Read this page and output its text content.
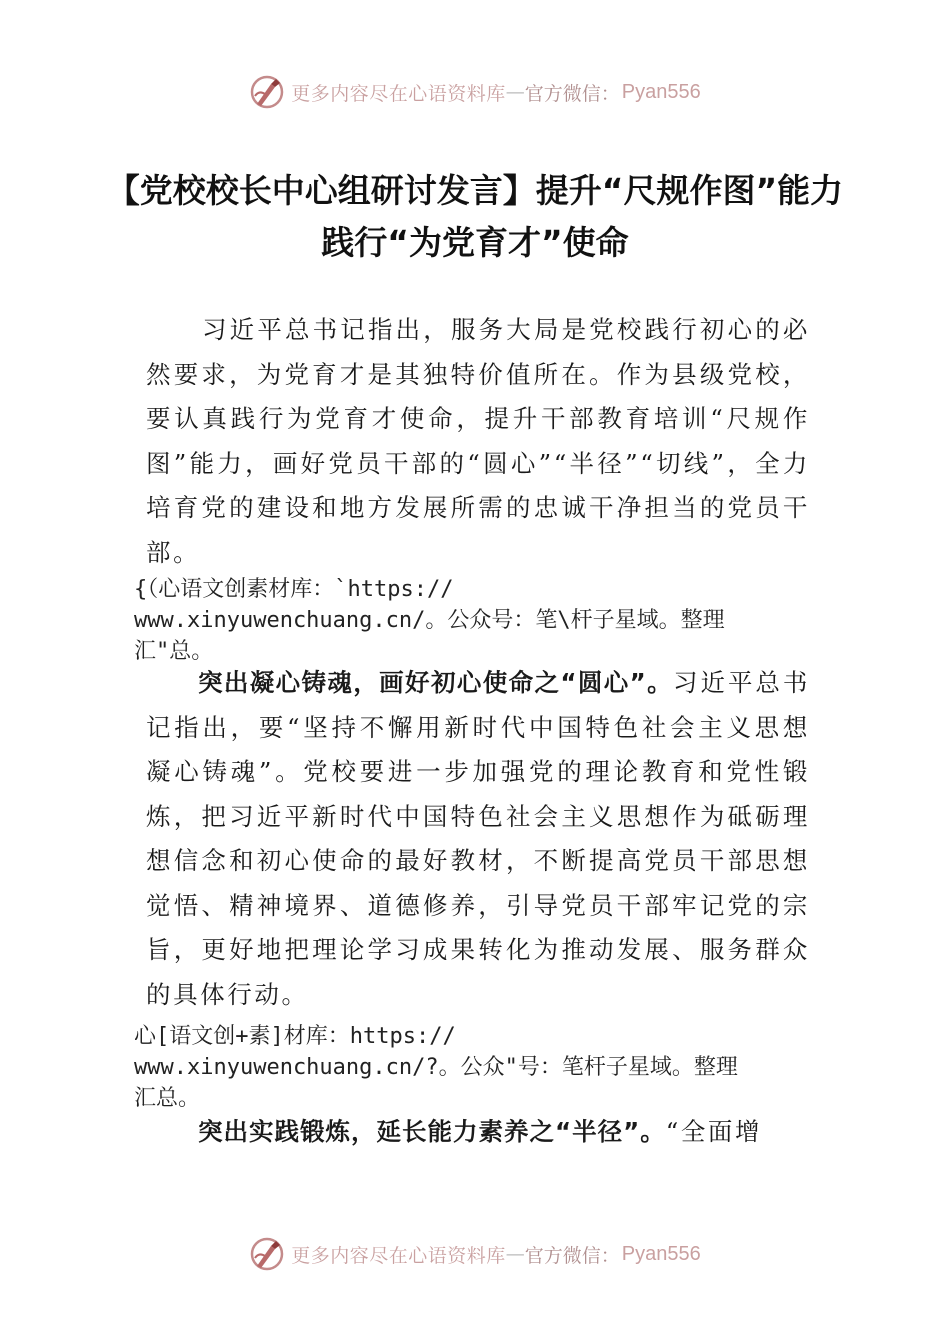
更多内容尽在心语资料库 — 官方微信： Pyan556
【党校校长中心组研讨发言】提升“尺规作图”能力 践行“为党育才”使命

习近平总书记指出，服务大局是党校践行初心的必然要求，为党育才是其独特价值所在。作为县级党校，要认真践行为党育才使命，提升干部教育培训“尺规作图”能力，画好党员干部的“圆心”“半径”“切线”，全力培育党的建设和地方发展所需的忠诚干净担当的党员干部。

{（心语文创素材库：`https://
www.xinyuwenchuang.cn/。公众号：笔\杆子星域。整理
汇"总。

突出凝心铸魂，画好初心使命之“圆心”。习近平总书记指出，要“坚持不懈用新时代中国特色社会主义思想凝心铸魂”。党校要进一步加强党的理论教育和党性锻炼，把习近平新时代中国特色社会主义思想作为砥砺理想信念和初心使命的最好教材，不断提高党员干部思想觉悟、精神境界、道德修养，引导党员干部牢记党的宗旨，更好地把理论学习成果转化为推动发展、服务群众的具体行动。

心[语文创+素]材库：https://
www.xinyuwenchuang.cn/?。公众"号：笔杆子星域。整理
汇总。

突出实践锻炼，延长能力素养之“半径”。“全面增

更多内容尽在心语资料库 — 官方微信： Pyan556
